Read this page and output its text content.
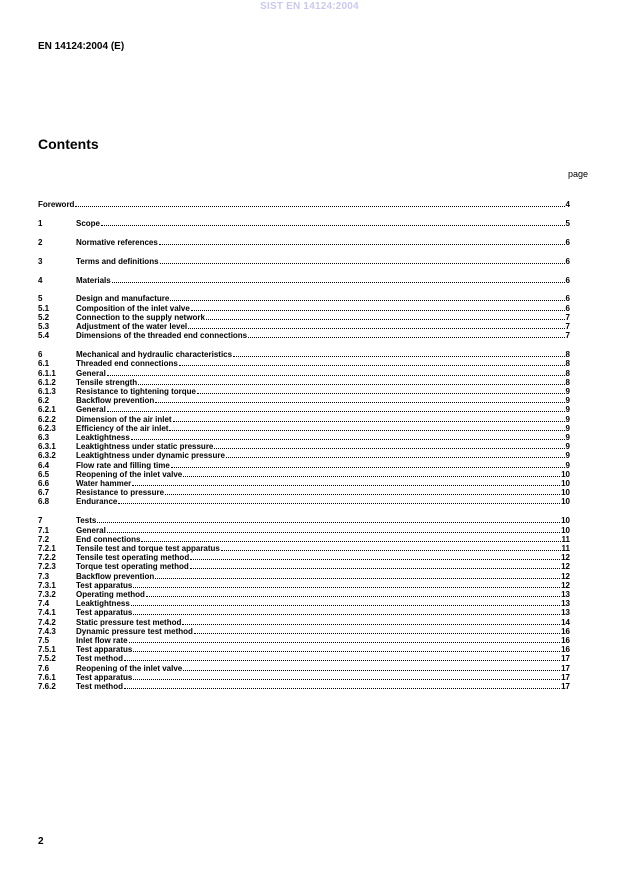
SIST EN 14124:2004
EN 14124:2004 (E)
Contents
page
Foreword	4
1	Scope	5
2	Normative references	6
3	Terms and definitions	6
4	Materials	6
5	Design and manufacture	6
5.1	Composition of the inlet valve	6
5.2	Connection to the supply network	7
5.3	Adjustment of the water level	7
5.4	Dimensions of the threaded end connections	7
6	Mechanical and hydraulic characteristics	8
6.1	Threaded end connections	8
6.1.1	General	8
6.1.2	Tensile strength	8
6.1.3	Resistance to tightening torque	9
6.2	Backflow prevention	9
6.2.1	General	9
6.2.2	Dimension of the air inlet	9
6.2.3	Efficiency of the air inlet	9
6.3	Leaktightness	9
6.3.1	Leaktightness under static pressure	9
6.3.2	Leaktightness under dynamic pressure	9
6.4	Flow rate and filling time	9
6.5	Reopening of the inlet valve	10
6.6	Water hammer	10
6.7	Resistance to pressure	10
6.8	Endurance	10
7	Tests	10
7.1	General	10
7.2	End connections	11
7.2.1	Tensile test and torque test apparatus	11
7.2.2	Tensile test operating method	12
7.2.3	Torque test operating method	12
7.3	Backflow prevention	12
7.3.1	Test apparatus	12
7.3.2	Operating method	13
7.4	Leaktightness	13
7.4.1	Test apparatus	13
7.4.2	Static pressure test method	14
7.4.3	Dynamic pressure test method	16
7.5	Inlet flow rate	16
7.5.1	Test apparatus	16
7.5.2	Test method	17
7.6	Reopening of the inlet valve	17
7.6.1	Test apparatus	17
7.6.2	Test method	17
2
